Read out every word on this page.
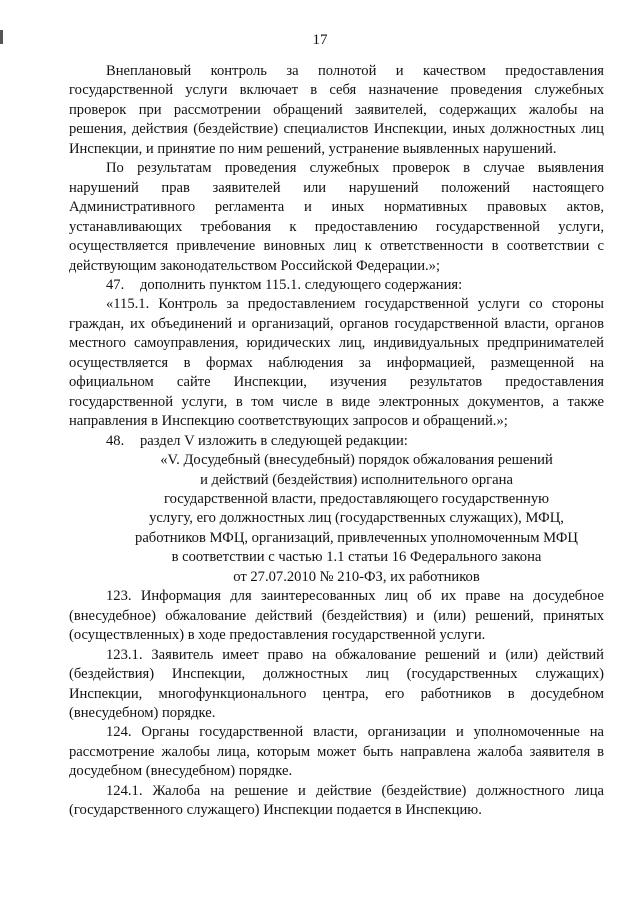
17

Внеплановый контроль за полнотой и качеством предоставления государственной услуги включает в себя назначение проведения служебных проверок при рассмотрении обращений заявителей, содержащих жалобы на решения, действия (бездействие) специалистов Инспекции, иных должностных лиц Инспекции, и принятие по ним решений, устранение выявленных нарушений.

По результатам проведения служебных проверок в случае выявления нарушений прав заявителей или нарушений положений настоящего Административного регламента и иных нормативных правовых актов, устанавливающих требования к предоставлению государственной услуги, осуществляется привлечение виновных лиц к ответственности в соответствии с действующим законодательством Российской Федерации.»;

47. дополнить пунктом 115.1. следующего содержания:

«115.1. Контроль за предоставлением государственной услуги со стороны граждан, их объединений и организаций, органов государственной власти, органов местного самоуправления, юридических лиц, индивидуальных предпринимателей осуществляется в формах наблюдения за информацией, размещенной на официальном сайте Инспекции, изучения результатов предоставления государственной услуги, в том числе в виде электронных документов, а также направления в Инспекцию соответствующих запросов и обращений.»;

48. раздел V изложить в следующей редакции:

«V. Досудебный (внесудебный) порядок обжалования решений
и действий (бездействия) исполнительного органа
государственной власти, предоставляющего государственную
услугу, его должностных лиц (государственных служащих), МФЦ,
работников МФЦ, организаций, привлеченных уполномоченным МФЦ
в соответствии с частью 1.1 статьи 16 Федерального закона
от 27.07.2010 № 210-ФЗ, их работников

123. Информация для заинтересованных лиц об их праве на досудебное (внесудебное) обжалование действий (бездействия) и (или) решений, принятых (осуществленных) в ходе предоставления государственной услуги.

123.1. Заявитель имеет право на обжалование решений и (или) действий (бездействия) Инспекции, должностных лиц (государственных служащих) Инспекции, многофункционального центра, его работников в досудебном (внесудебном) порядке.

124. Органы государственной власти, организации и уполномоченные на рассмотрение жалобы лица, которым может быть направлена жалоба заявителя в досудебном (внесудебном) порядке.

124.1. Жалоба на решение и действие (бездействие) должностного лица (государственного служащего) Инспекции подается в Инспекцию.
